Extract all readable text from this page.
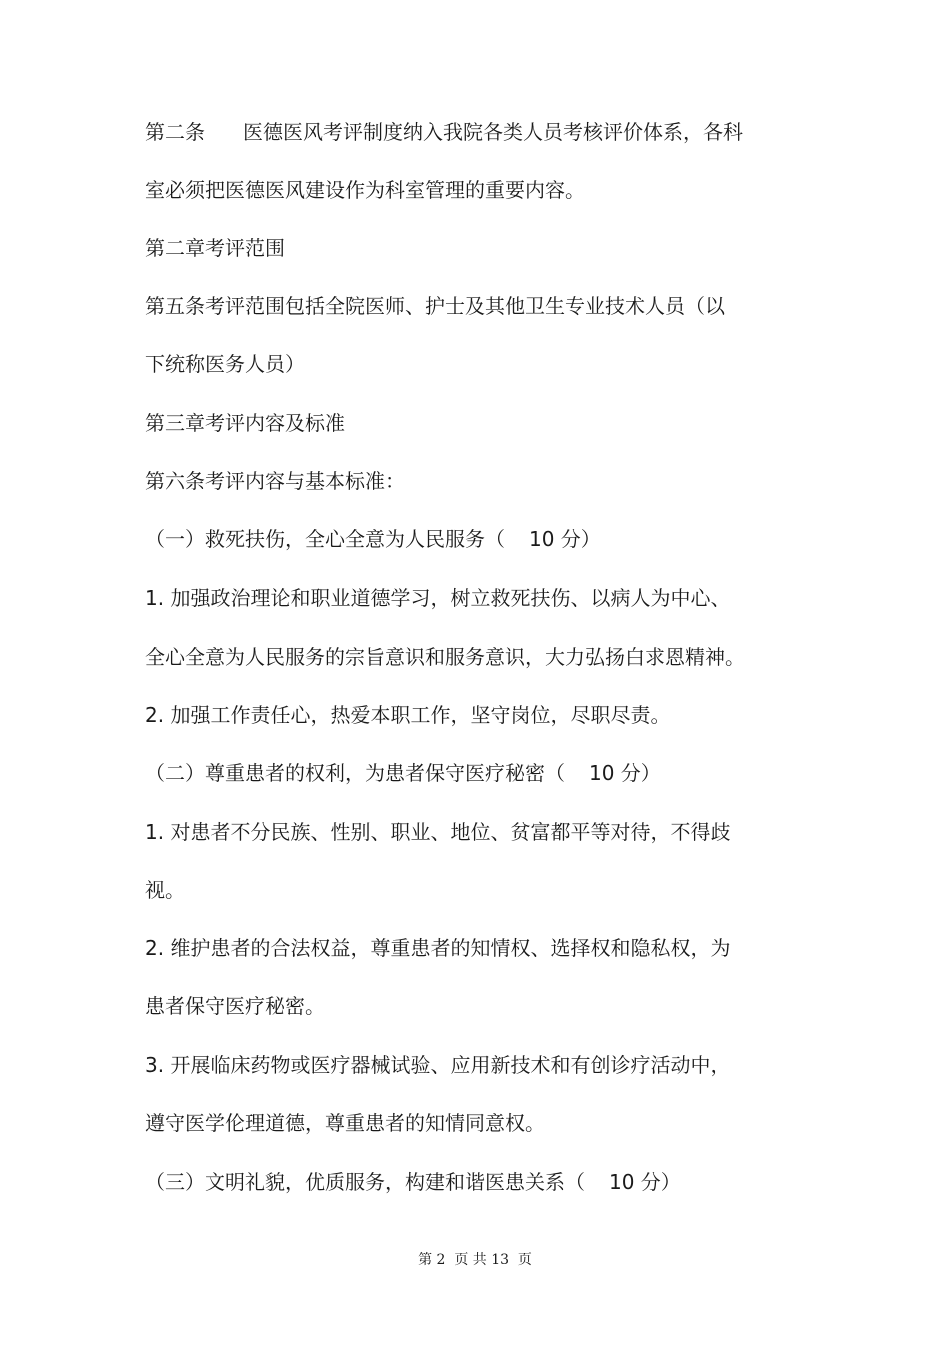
第二条 医德医风考评制度纳入我院各类人员考核评价体系，各科
室必须把医德医风建设作为科室管理的重要内容。
第二章考评范围
第五条考评范围包括全院医师、护士及其他卫生专业技术人员（以
下统称医务人员）
第三章考评内容及标准
第六条考评内容与基本标准：
（一）救死扶伤，全心全意为人民服务（ 10 分）
1. 加强政治理论和职业道德学习，树立救死扶伤、以病人为中心、
全心全意为人民服务的宗旨意识和服务意识，大力弘扬白求恩精神。
2. 加强工作责任心，热爱本职工作，坚守岗位，尽职尽责。
（二）尊重患者的权利，为患者保守医疗秘密（ 10 分）
1. 对患者不分民族、性别、职业、地位、贫富都平等对待，不得歧
视。
2. 维护患者的合法权益，尊重患者的知情权、选择权和隐私权，为
患者保守医疗秘密。
3. 开展临床药物或医疗器械试验、应用新技术和有创诊疗活动中，
遵守医学伦理道德，尊重患者的知情同意权。
（三）文明礼貌，优质服务，构建和谐医患关系（ 10 分）
第 2  页 共 13  页
